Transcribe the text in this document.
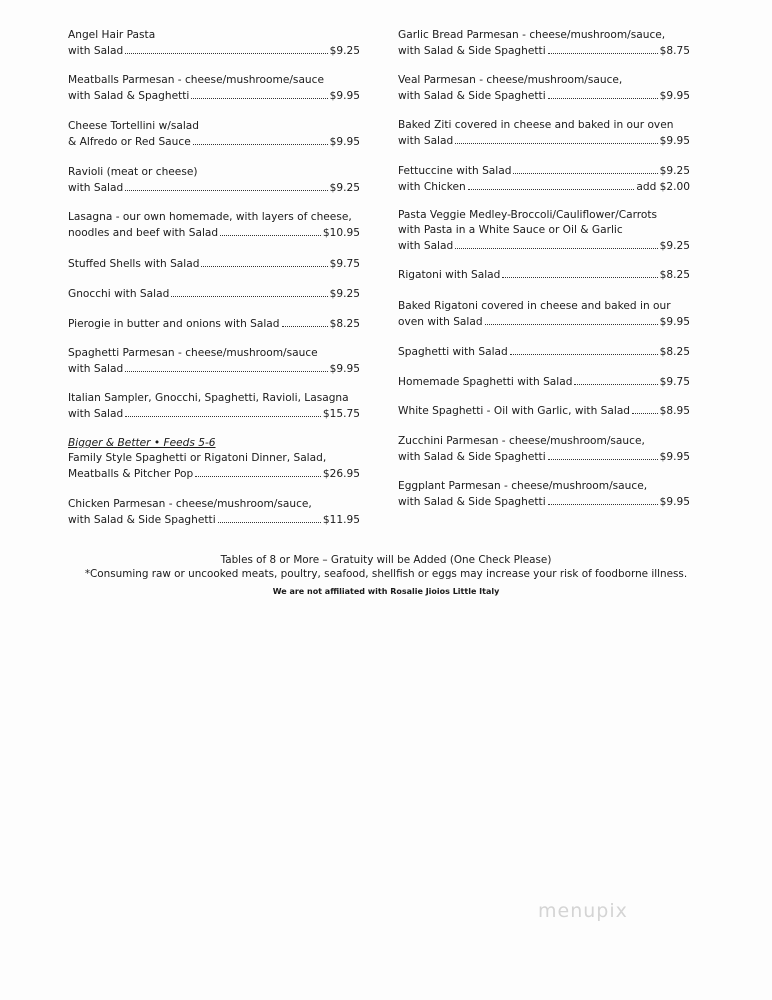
Angel Hair Pasta
with Salad	$9.25
Meatballs Parmesan - cheese/mushroome/sauce
with Salad & Spaghetti	$9.95
Cheese Tortellini w/salad
& Alfredo or Red Sauce	$9.95
Ravioli (meat or cheese)
with Salad	$9.25
Lasagna - our own homemade, with layers of cheese,
noodles and beef with Salad	$10.95
Stuffed Shells with Salad	$9.75
Gnocchi with Salad	$9.25
Pierogie in butter and onions with Salad	$8.25
Spaghetti Parmesan - cheese/mushroom/sauce
with Salad	$9.95
Italian Sampler, Gnocchi, Spaghetti, Ravioli, Lasagna
with Salad	$15.75
Bigger & Better • Feeds 5-6
Family Style Spaghetti or Rigatoni Dinner, Salad,
Meatballs & Pitcher Pop	$26.95
Chicken Parmesan - cheese/mushroom/sauce,
with Salad & Side Spaghetti	$11.95
Garlic Bread Parmesan - cheese/mushroom/sauce,
with Salad & Side Spaghetti	$8.75
Veal Parmesan - cheese/mushroom/sauce,
with Salad & Side Spaghetti	$9.95
Baked Ziti covered in cheese and baked in our oven
with Salad	$9.95
Fettuccine with Salad	$9.25
with Chicken	add $2.00
Pasta Veggie Medley-Broccoli/Cauliflower/Carrots
with Pasta in a White Sauce or Oil & Garlic
with Salad	$9.25
Rigatoni with Salad	$8.25
Baked Rigatoni covered in cheese and baked in our
oven with Salad	$9.95
Spaghetti with Salad	$8.25
Homemade Spaghetti with Salad	$9.75
White Spaghetti - Oil with Garlic, with Salad	$8.95
Zucchini Parmesan - cheese/mushroom/sauce,
with Salad & Side Spaghetti	$9.95
Eggplant Parmesan - cheese/mushroom/sauce,
with Salad & Side Spaghetti	$9.95
Tables of 8 or More – Gratuity will be Added (One Check Please)
*Consuming raw or uncooked meats, poultry, seafood, shellfish or eggs may increase your risk of foodborne illness.
We are not affiliated with Rosalie Jioios Little Italy
menupix
